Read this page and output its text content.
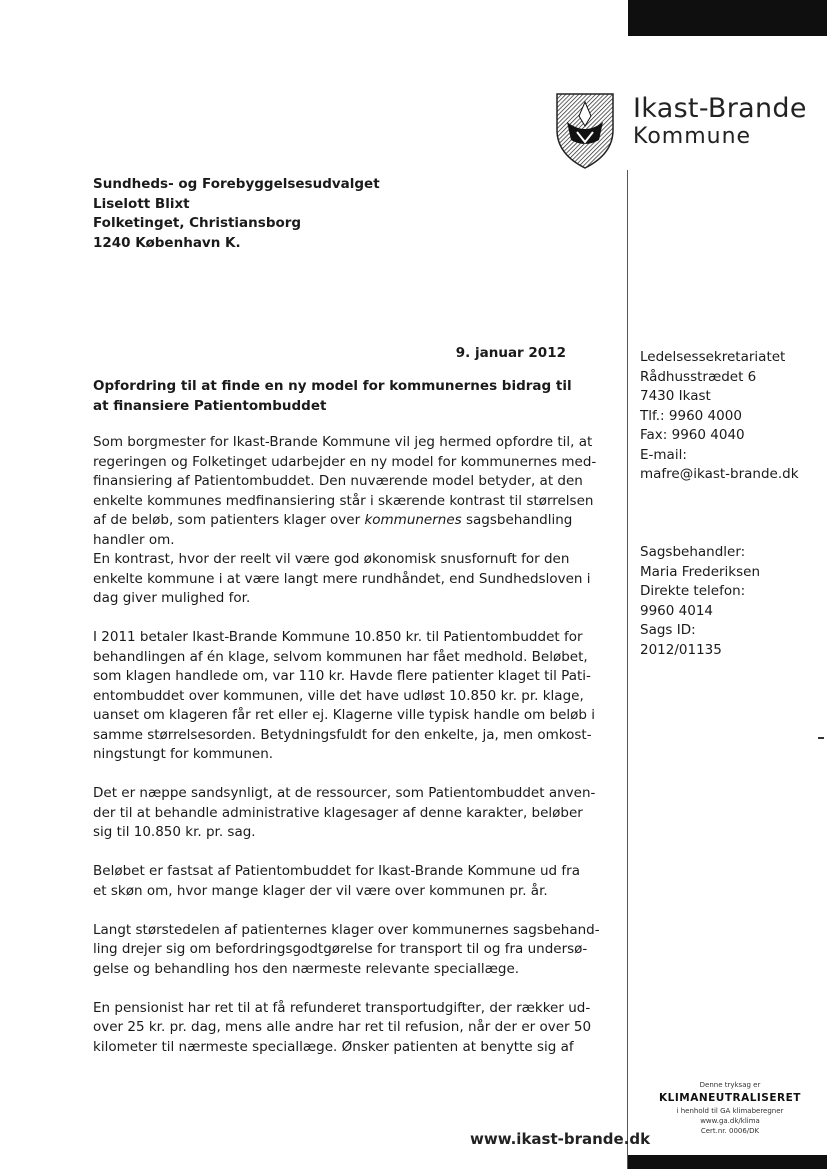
Ikast-Brande
Kommune
Sundheds- og Forebyggelsesudvalget
Liselott Blixt
Folketinget, Christiansborg
1240 København K.
9. januar 2012
Opfordring til at finde en ny model for kommunernes bidrag til at finansiere Patientombuddet

Som borgmester for Ikast-Brande Kommune vil jeg hermed opfordre til, at
regeringen og Folketinget udarbejder en ny model for kommunernes med-
finansiering af Patientombuddet. Den nuværende model betyder, at den
enkelte kommunes medfinansiering står i skærende kontrast til størrelsen
af de beløb, som patienters klager over kommunernes sagsbehandling
handler om.

En kontrast, hvor der reelt vil være god økonomisk snusfornuft for den
enkelte kommune i at være langt mere rundhåndet, end Sundhedsloven i
dag giver mulighed for.

I 2011 betaler Ikast-Brande Kommune 10.850 kr. til Patientombuddet for
behandlingen af én klage, selvom kommunen har fået medhold. Beløbet,
som klagen handlede om, var 110 kr. Havde flere patienter klaget til Pati-
entombuddet over kommunen, ville det have udløst 10.850 kr. pr. klage,
uanset om klageren får ret eller ej. Klagerne ville typisk handle om beløb i
samme størrelsesorden. Betydningsfuldt for den enkelte, ja, men omkost-
ningstungt for kommunen.

Det er næppe sandsynligt, at de ressourcer, som Patientombuddet anven-
der til at behandle administrative klagesager af denne karakter, beløber
sig til 10.850 kr. pr. sag.

Beløbet er fastsat af Patientombuddet for Ikast-Brande Kommune ud fra
et skøn om, hvor mange klager der vil være over kommunen pr. år.

Langt størstedelen af patienternes klager over kommunernes sagsbehand-
ling drejer sig om befordringsgodtgørelse for transport til og fra undersø-
gelse og behandling hos den nærmeste relevante speciallæge.

En pensionist har ret til at få refunderet transportudgifter, der rækker ud-
over 25 kr. pr. dag, mens alle andre har ret til refusion, når der er over 50
kilometer til nærmeste speciallæge. Ønsker patienten at benytte sig af

Ledelsessekretariatet
Rådhusstrædet 6
7430 Ikast
Tlf.: 9960 4000
Fax: 9960 4040
E-mail:
mafre@ikast-brande.dk
Sagsbehandler:
Maria Frederiksen
Direkte telefon:
9960 4014
Sags ID:
2012/01135
Denne tryksag er
KLIMANEUTRALISERET
i henhold til GA klimaberegner
www.ga.dk/klima
Cert.nr. 0006/DK
www.ikast-brande.dk
